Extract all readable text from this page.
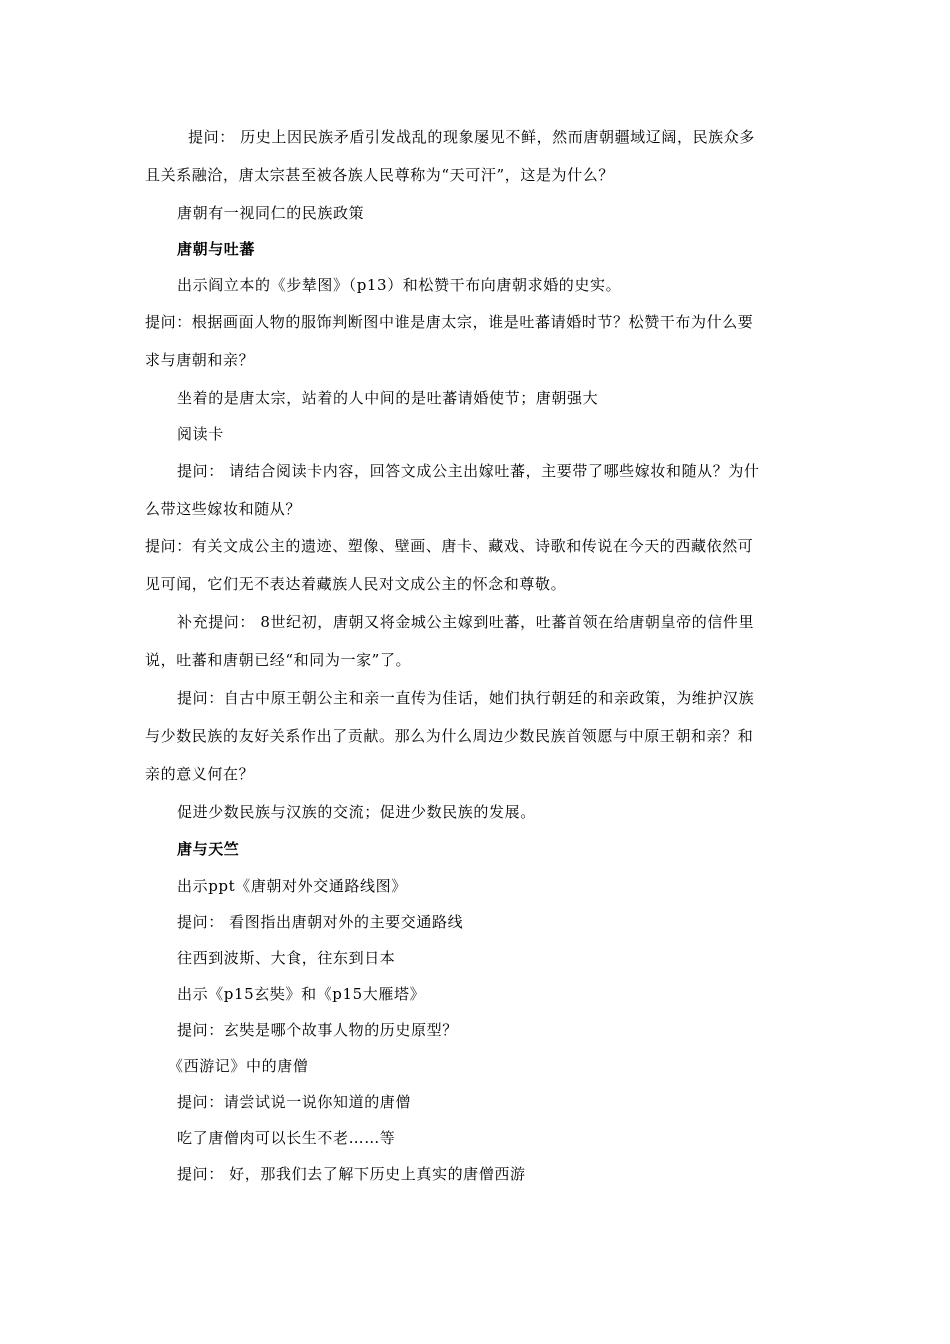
提问： 历史上因民族矛盾引发战乱的现象屡见不鲜，然而唐朝疆域辽阔，民族众多
且关系融洽，唐太宗甚至被各族人民尊称为“天可汗”，这是为什么？
唐朝有一视同仁的民族政策
唐朝与吐蕃
出示阎立本的《步辇图》（p13）和松赞干布向唐朝求婚的史实。
提问：根据画面人物的服饰判断图中谁是唐太宗，谁是吐蕃请婚时节？松赞干布为什么要
求与唐朝和亲？
坐着的是唐太宗，站着的人中间的是吐蕃请婚使节；唐朝强大
阅读卡
提问： 请结合阅读卡内容，回答文成公主出嫁吐蕃，主要带了哪些嫁妆和随从？为什
么带这些嫁妆和随从？
提问：有关文成公主的遗迹、塑像、壁画、唐卡、藏戏、诗歌和传说在今天的西藏依然可
见可闻，它们无不表达着藏族人民对文成公主的怀念和尊敬。
补充提问： 8世纪初，唐朝又将金城公主嫁到吐蕃，吐蕃首领在给唐朝皇帝的信件里
说，吐蕃和唐朝已经“和同为一家”了。
提问：自古中原王朝公主和亲一直传为佳话，她们执行朝廷的和亲政策，为维护汉族
与少数民族的友好关系作出了贡献。那么为什么周边少数民族首领愿与中原王朝和亲？和
亲的意义何在？
促进少数民族与汉族的交流；促进少数民族的发展。
唐与天竺
出示ppt《唐朝对外交通路线图》
提问： 看图指出唐朝对外的主要交通路线
往西到波斯、大食，往东到日本
出示《p15玄奘》和《p15大雁塔》
提问：玄奘是哪个故事人物的历史原型？
《西游记》中的唐僧
提问：请尝试说一说你知道的唐僧
吃了唐僧肉可以长生不老……等
提问： 好，那我们去了解下历史上真实的唐僧西游
